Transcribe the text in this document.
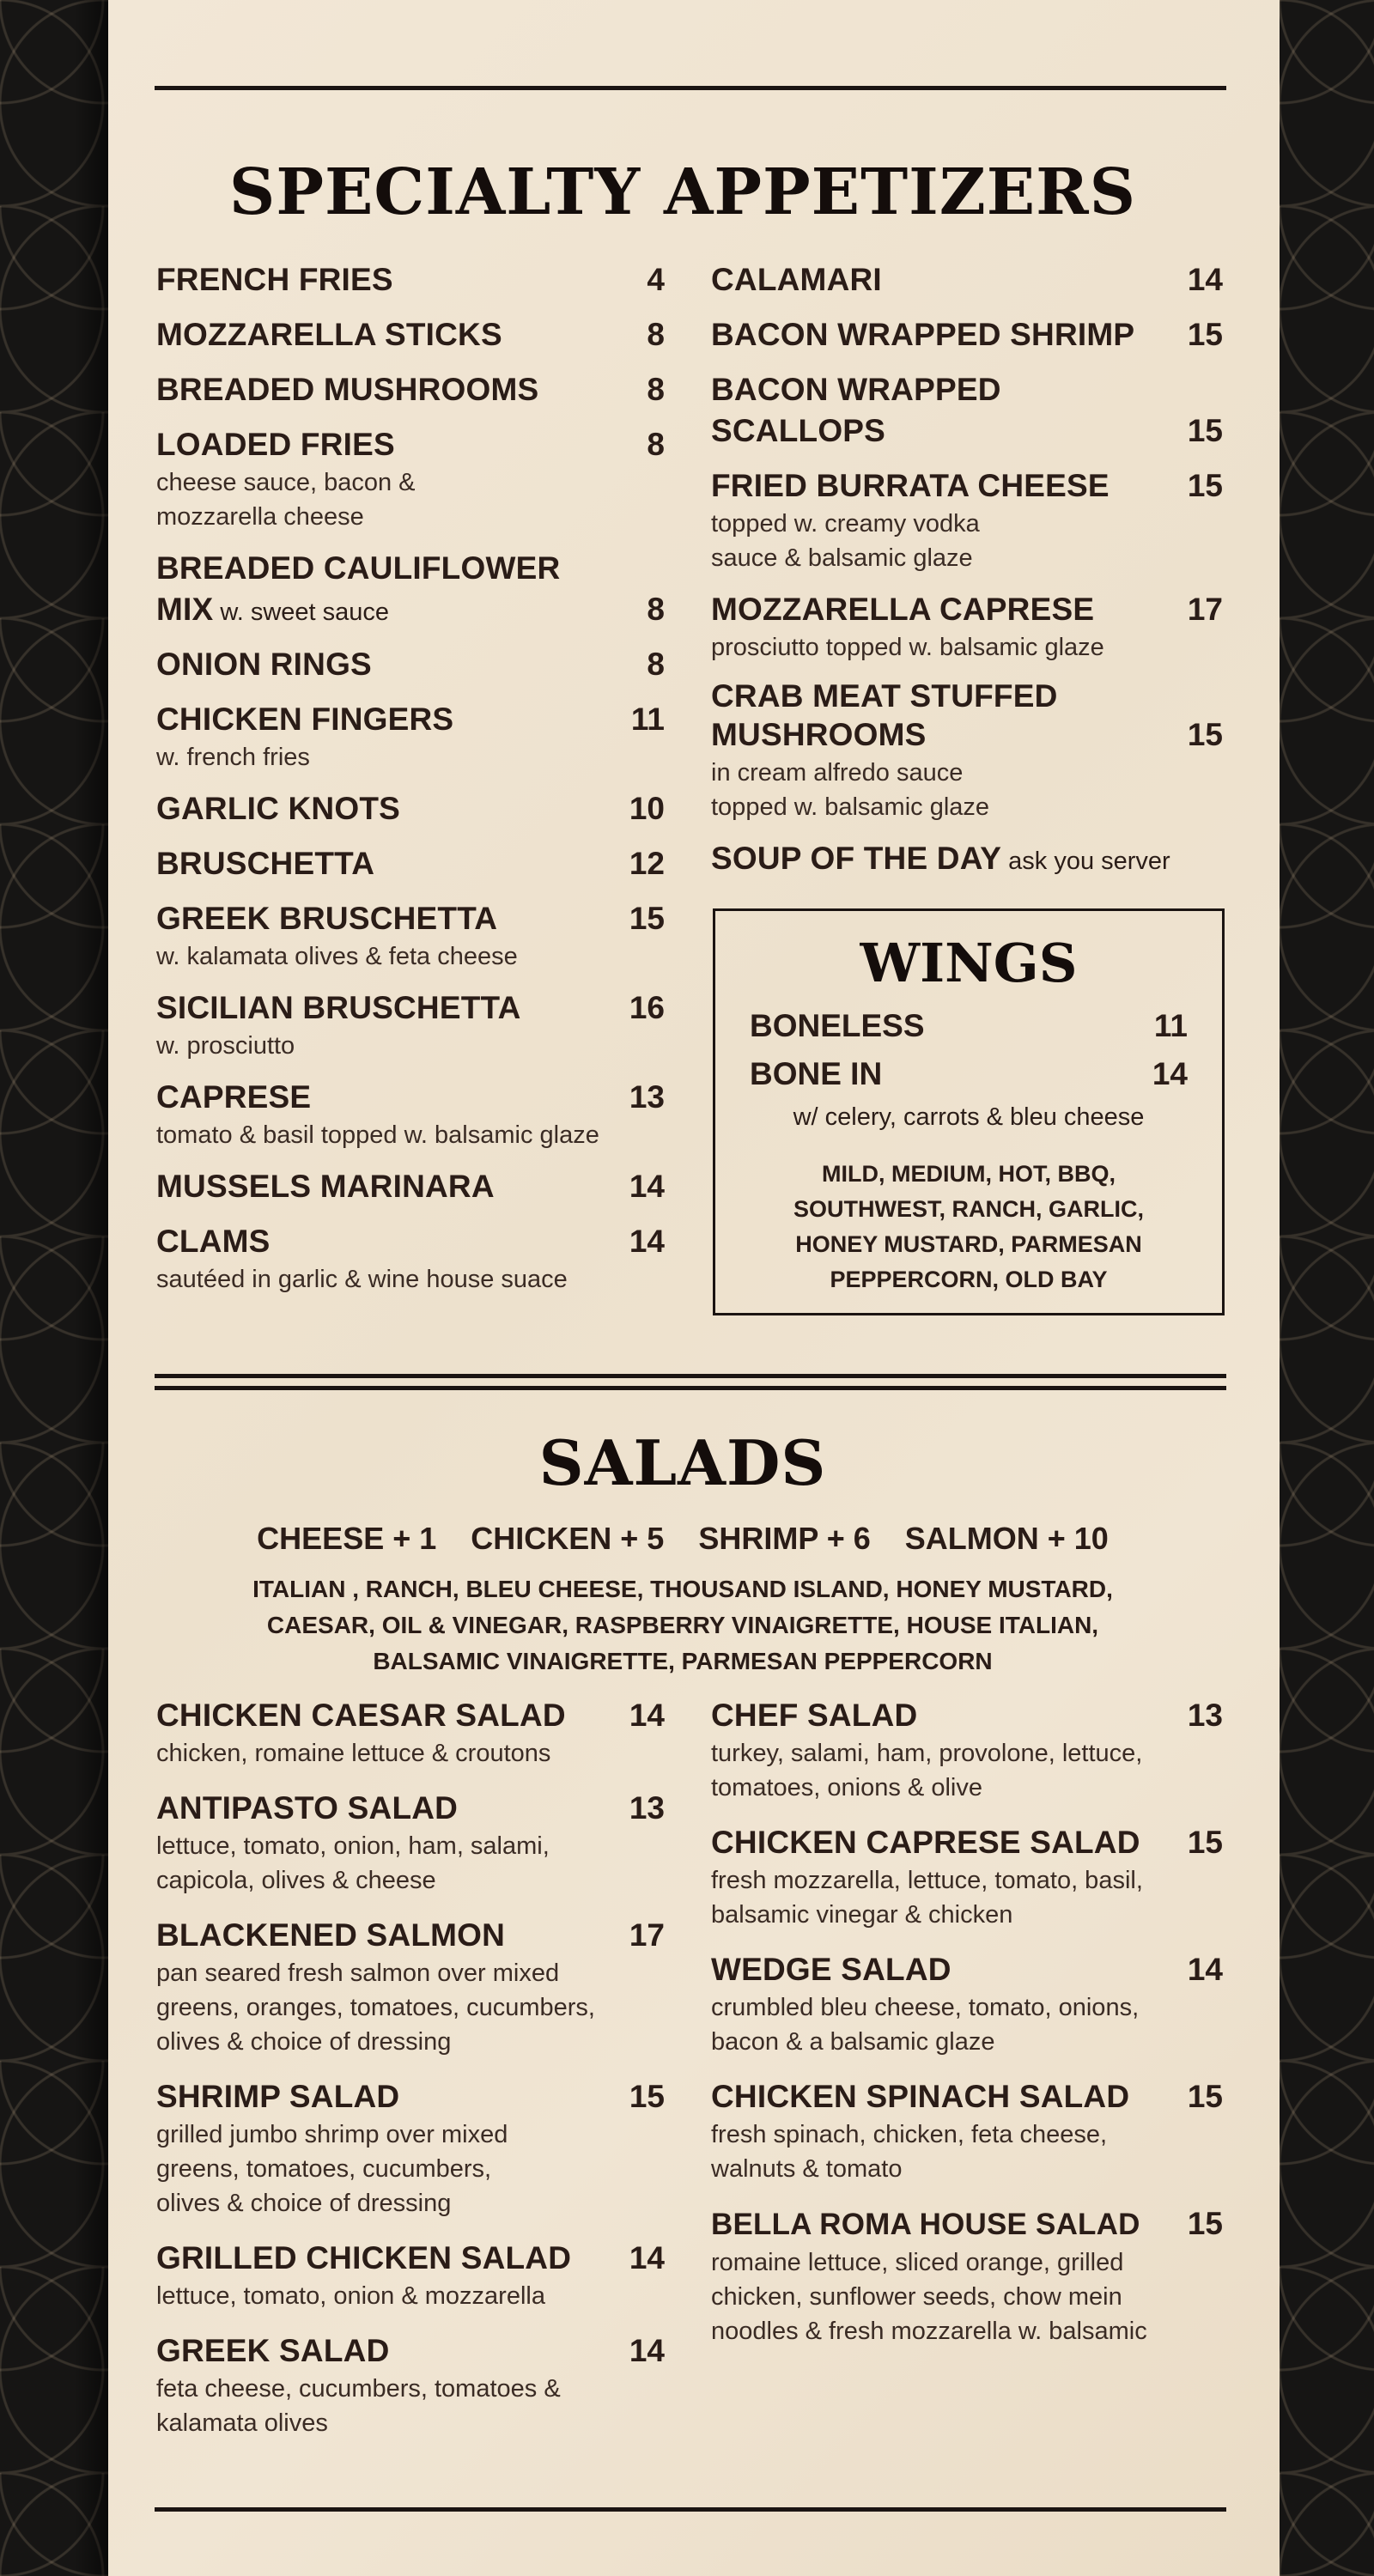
SPECIALTY APPETIZERS
FRENCH FRIES	4
MOZZARELLA STICKS	8
BREADED MUSHROOMS	8
LOADED FRIES	8
cheese sauce, bacon & mozzarella cheese
BREADED CAULIFLOWER
MIX w. sweet sauce	8
ONION RINGS	8
CHICKEN FINGERS	11
w. french fries
GARLIC KNOTS	10
BRUSCHETTA	12
GREEK BRUSCHETTA	15
w. kalamata olives & feta cheese
SICILIAN BRUSCHETTA	16
w. prosciutto
CAPRESE	13
tomato & basil topped w. balsamic glaze
MUSSELS MARINARA	14
CLAMS	14
sautéed in garlic & wine house suace
CALAMARI	14
BACON WRAPPED SHRIMP 15
BACON WRAPPED
SCALLOPS	15
FRIED BURRATA CHEESE 15
topped w. creamy vodka
sauce & balsamic glaze
MOZZARELLA CAPRESE	17
prosciutto topped w. balsamic glaze
CRAB MEAT STUFFED
MUSHROOMS	15
in cream alfredo sauce
topped w. balsamic glaze
SOUP OF THE DAY ask you server
WINGS
BONELESS	11
BONE IN	14
w/ celery, carrots & bleu cheese
MILD, MEDIUM, HOT, BBQ,
SOUTHWEST, RANCH, GARLIC,
HONEY MUSTARD, PARMESAN
PEPPERCORN, OLD BAY
SALADS
CHEESE + 1 CHICKEN + 5 SHRIMP + 6 SALMON + 10
ITALIAN , RANCH, BLEU CHEESE, THOUSAND ISLAND, HONEY MUSTARD,
CAESAR, OIL & VINEGAR, RASPBERRY VINAIGRETTE, HOUSE ITALIAN,
BALSAMIC VINAIGRETTE, PARMESAN PEPPERCORN
CHICKEN CAESAR SALAD 14
chicken, romaine lettuce & croutons
ANTIPASTO SALAD	13
lettuce, tomato, onion, ham, salami,
capicola, olives & cheese
BLACKENED SALMON	17
pan seared fresh salmon over mixed
greens, oranges, tomatoes, cucumbers,
olives & choice of dressing
SHRIMP SALAD	15
grilled jumbo shrimp over mixed
greens, tomatoes, cucumbers,
olives & choice of dressing
GRILLED CHICKEN SALAD 14
lettuce, tomato, onion & mozzarella
GREEK SALAD	14
feta cheese, cucumbers, tomatoes &
kalamata olives
CHEF SALAD	13
turkey, salami, ham, provolone, lettuce,
tomatoes, onions & olive
CHICKEN CAPRESE SALAD 15
fresh mozzarella, lettuce, tomato, basil,
balsamic vinegar & chicken
WEDGE SALAD	14
crumbled bleu cheese, tomato, onions,
bacon & a balsamic glaze
CHICKEN SPINACH SALAD 15
fresh spinach, chicken, feta cheese,
walnuts & tomato
BELLA ROMA HOUSE SALAD 15
romaine lettuce, sliced orange, grilled
chicken, sunflower seeds, chow mein
noodles & fresh mozzarella w. balsamic
